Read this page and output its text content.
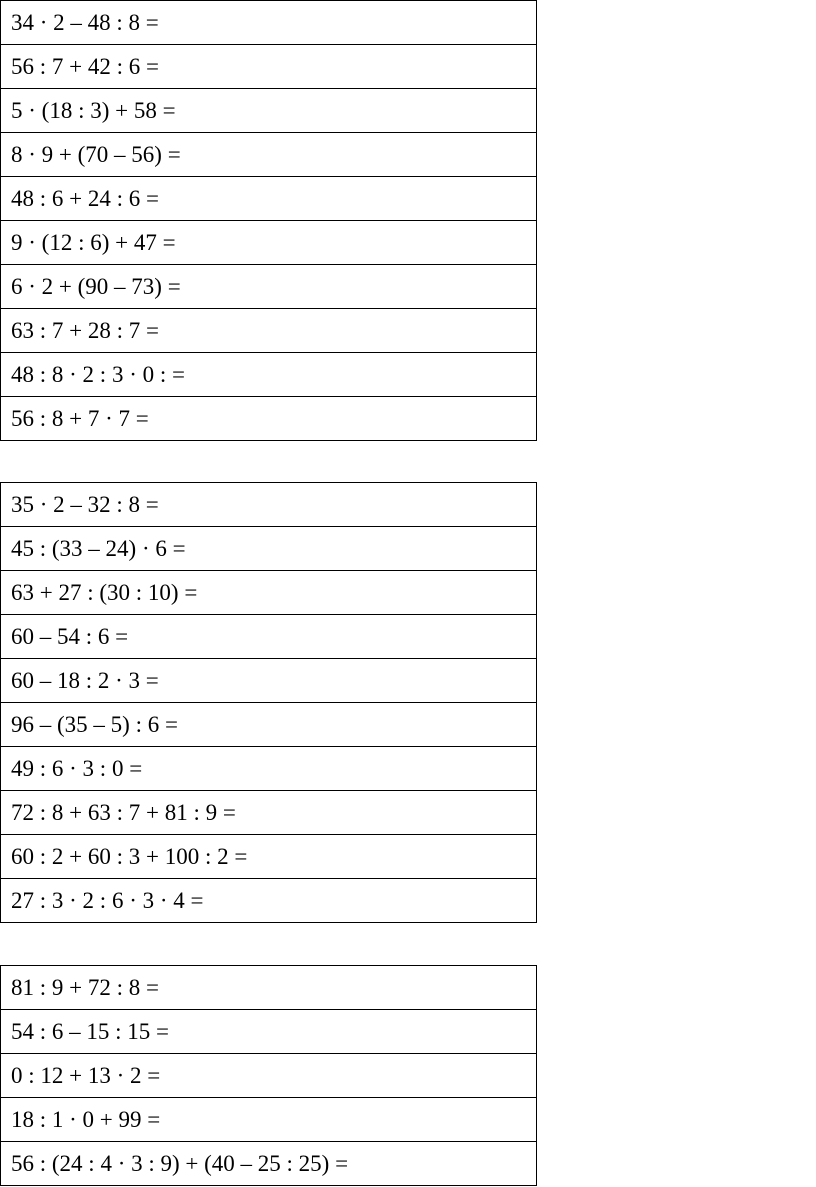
34 · 2 – 48 : 8 =
56 : 7 + 42 : 6 =
5 · (18 : 3) + 58 =
8 · 9 + (70 – 56) =
48 : 6 + 24 : 6 =
9 · (12 : 6) + 47 =
6 · 2 + (90 – 73) =
63 : 7 + 28 : 7 =
48 : 8 · 2 : 3 · 0 : =
56 : 8 + 7 · 7 =
35 · 2 – 32 : 8 =
45 : (33 – 24) · 6 =
63 + 27 : (30 : 10) =
60 – 54 : 6 =
60 – 18 : 2 · 3 =
96 – (35 – 5) : 6 =
49 : 6 · 3 : 0 =
72 : 8 + 63 : 7 + 81 : 9 =
60 : 2 + 60 : 3 + 100 : 2 =
27 : 3 · 2 : 6 · 3 · 4 =
81 : 9 + 72 : 8 =
54 : 6 – 15 : 15 =
0 : 12 + 13 · 2 =
18 : 1 · 0 + 99 =
56 : (24 : 4 · 3 : 9) + (40 – 25 : 25) =
